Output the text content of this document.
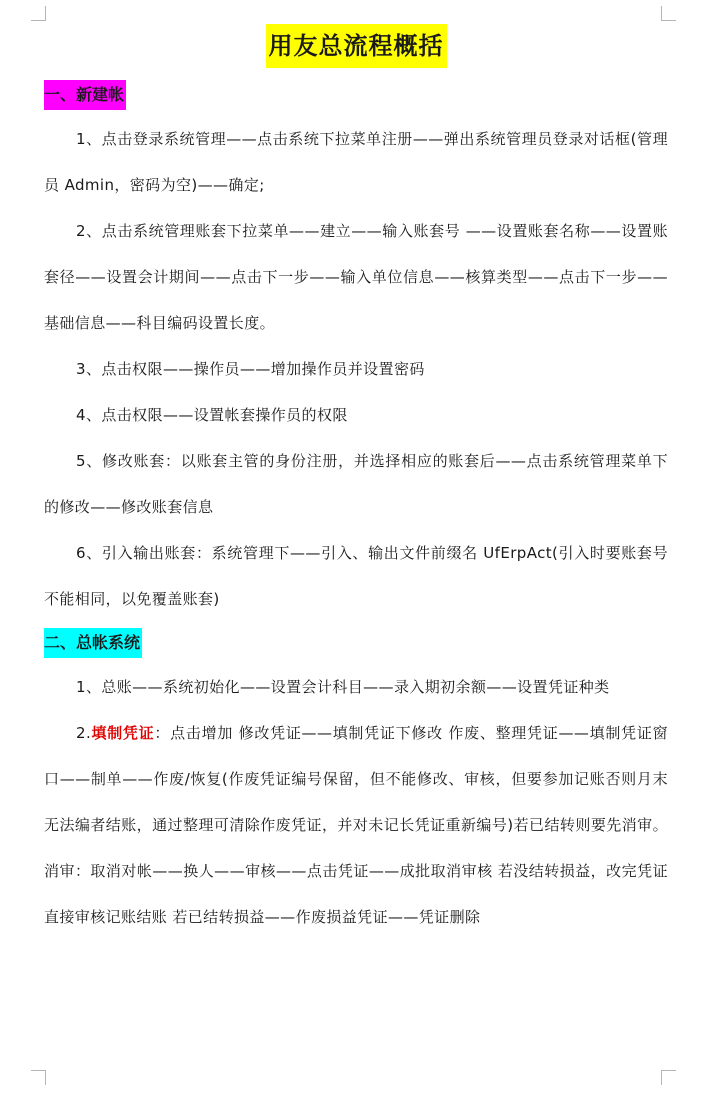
用友总流程概括
一、新建帐

1、点击登录系统管理——点击系统下拉菜单注册——弹出系统管理员登录对话框(管理员 Admin，密码为空)——确定;

2、点击系统管理账套下拉菜单——建立——输入账套号 ——设置账套名称——设置账套径——设置会计期间——点击下一步——输入单位信息——核算类型——点击下一步——基础信息——科目编码设置长度。

3、点击权限——操作员——增加操作员并设置密码

4、点击权限——设置帐套操作员的权限

5、修改账套：以账套主管的身份注册，并选择相应的账套后——点击系统管理菜单下的修改——修改账套信息

6、引入输出账套：系统管理下——引入、输出文件前缀名 UfErpAct(引入时要账套号不能相同，以免覆盖账套)

二、总帐系统

1、总账——系统初始化——设置会计科目——录入期初余额——设置凭证种类

2.填制凭证：点击增加 修改凭证——填制凭证下修改 作废、整理凭证——填制凭证窗口——制单——作废/恢复(作废凭证编号保留，但不能修改、审核，但要参加记账否则月末无法编者结账，通过整理可清除作废凭证，并对未记长凭证重新编号)若已结转则要先消审。消审：取消对帐——换人——审核——点击凭证——成批取消审核 若没结转损益，改完凭证直接审核记账结账 若已结转损益——作废损益凭证——凭证删除
